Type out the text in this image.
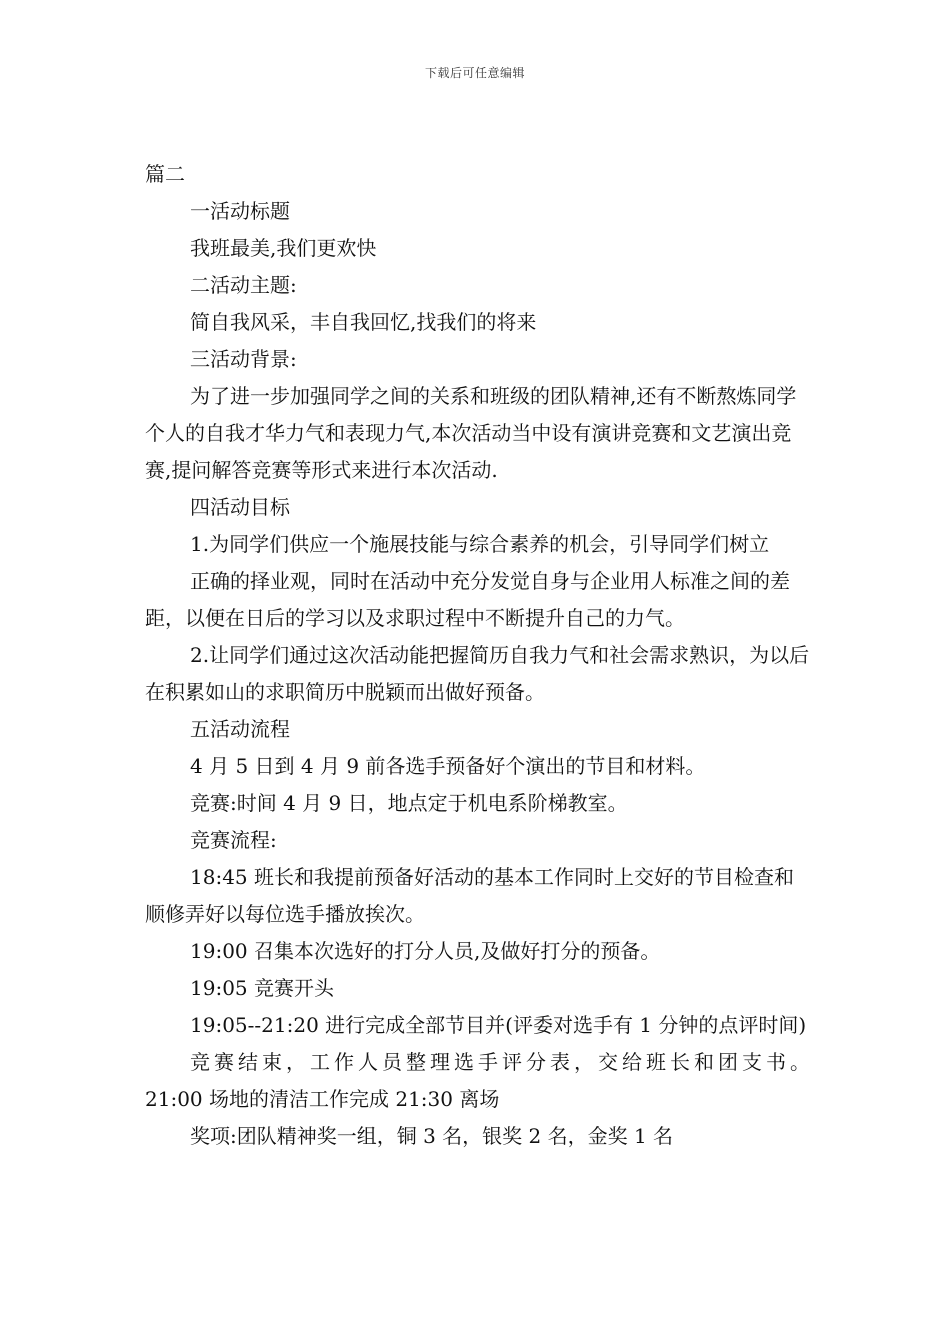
下载后可任意编辑

篇二

一活动标题

我班最美,我们更欢快

二活动主题:

简自我风采，丰自我回忆,找我们的将来

三活动背景:

为了进一步加强同学之间的关系和班级的团队精神,还有不断熬炼同学个人的自我才华力气和表现力气,本次活动当中设有演讲竞赛和文艺演出竞赛,提问解答竞赛等形式来进行本次活动.

四活动目标

1.为同学们供应一个施展技能与综合素养的机会，引导同学们树立

正确的择业观，同时在活动中充分发觉自身与企业用人标准之间的差距，以便在日后的学习以及求职过程中不断提升自己的力气。

2.让同学们通过这次活动能把握简历自我力气和社会需求熟识，为以后在积累如山的求职简历中脱颖而出做好预备。

五活动流程

4 月 5 日到 4 月 9 前各选手预备好个演出的节目和材料。

竞赛:时间 4 月 9 日，地点定于机电系阶梯教室。

竞赛流程:

18:45 班长和我提前预备好活动的基本工作同时上交好的节目检查和顺修弄好以每位选手播放挨次。

19:00 召集本次选好的打分人员,及做好打分的预备。

19:05 竞赛开头

19:05--21:20 进行完成全部节目并(评委对选手有 1 分钟的点评时间)

竞赛结束，工作人员整理选手评分表，交给班长和团支书。

21:00 场地的清洁工作完成 21:30 离场

奖项:团队精神奖一组，铜 3 名，银奖 2 名，金奖 1 名
